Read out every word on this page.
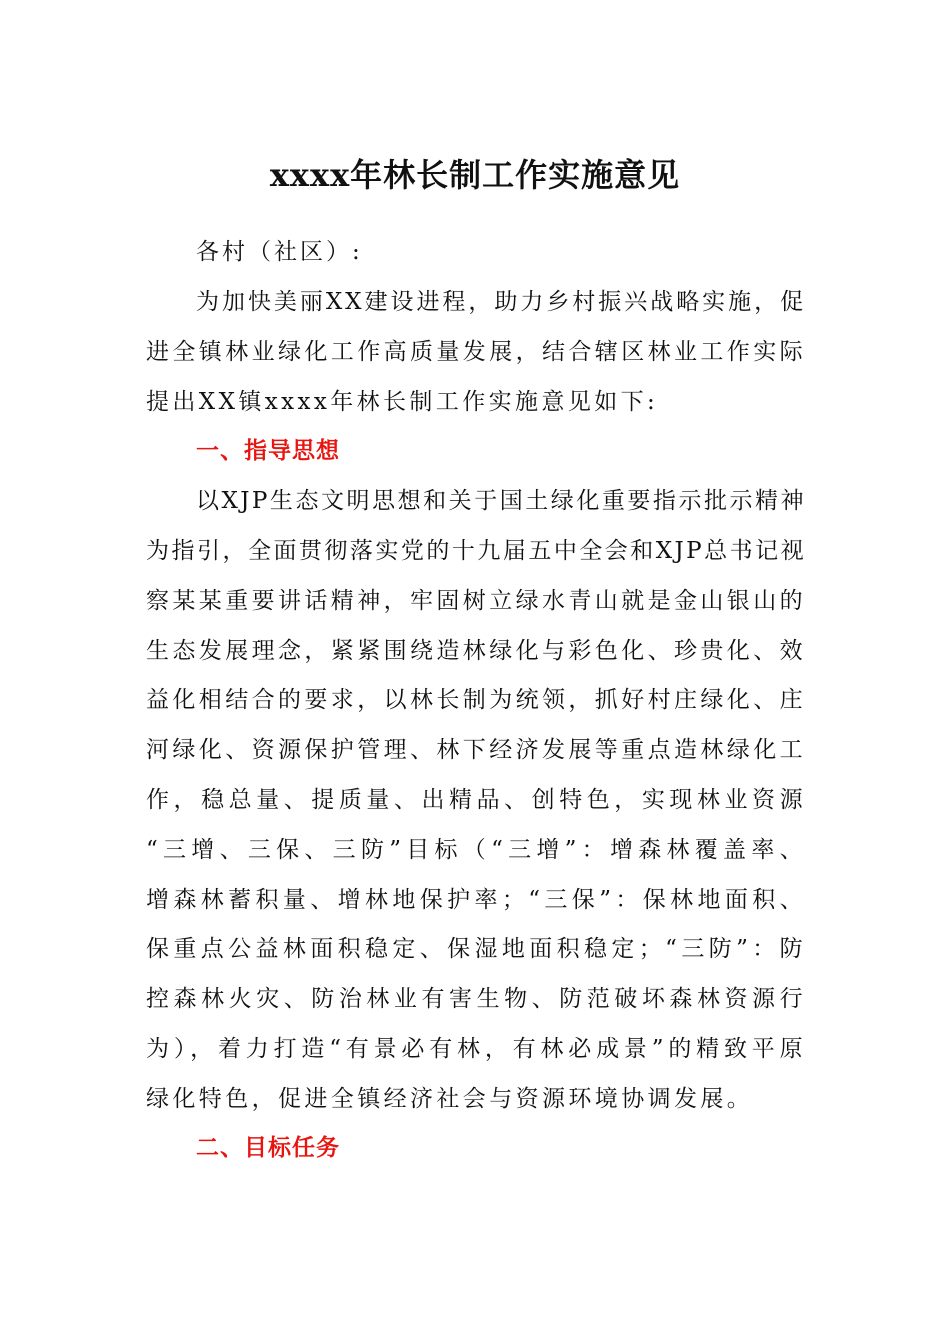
xxxx年林长制工作实施意见
各村（社区）:
为加快美丽XX建设进程，助力乡村振兴战略实施，促
进全镇林业绿化工作高质量发展，结合辖区林业工作实际
提出XX镇xxxx年林长制工作实施意见如下:
一、指导思想
以XJP生态文明思想和关于国土绿化重要指示批示精神
为指引，全面贯彻落实党的十九届五中全会和XJP总书记视
察某某重要讲话精神，牢固树立绿水青山就是金山银山的
生态发展理念，紧紧围绕造林绿化与彩色化、珍贵化、效
益化相结合的要求，以林长制为统领，抓好村庄绿化、庄
河绿化、资源保护管理、林下经济发展等重点造林绿化工
作，稳总量、提质量、出精品、创特色，实现林业资源
“三增、三保、三防”目标（“三增”：增森林覆盖率、
增森林蓄积量、增林地保护率；“三保”：保林地面积、
保重点公益林面积稳定、保湿地面积稳定；“三防”：防
控森林火灾、防治林业有害生物、防范破坏森林资源行
为），着力打造“有景必有林，有林必成景”的精致平原
绿化特色，促进全镇经济社会与资源环境协调发展。
二、目标任务
